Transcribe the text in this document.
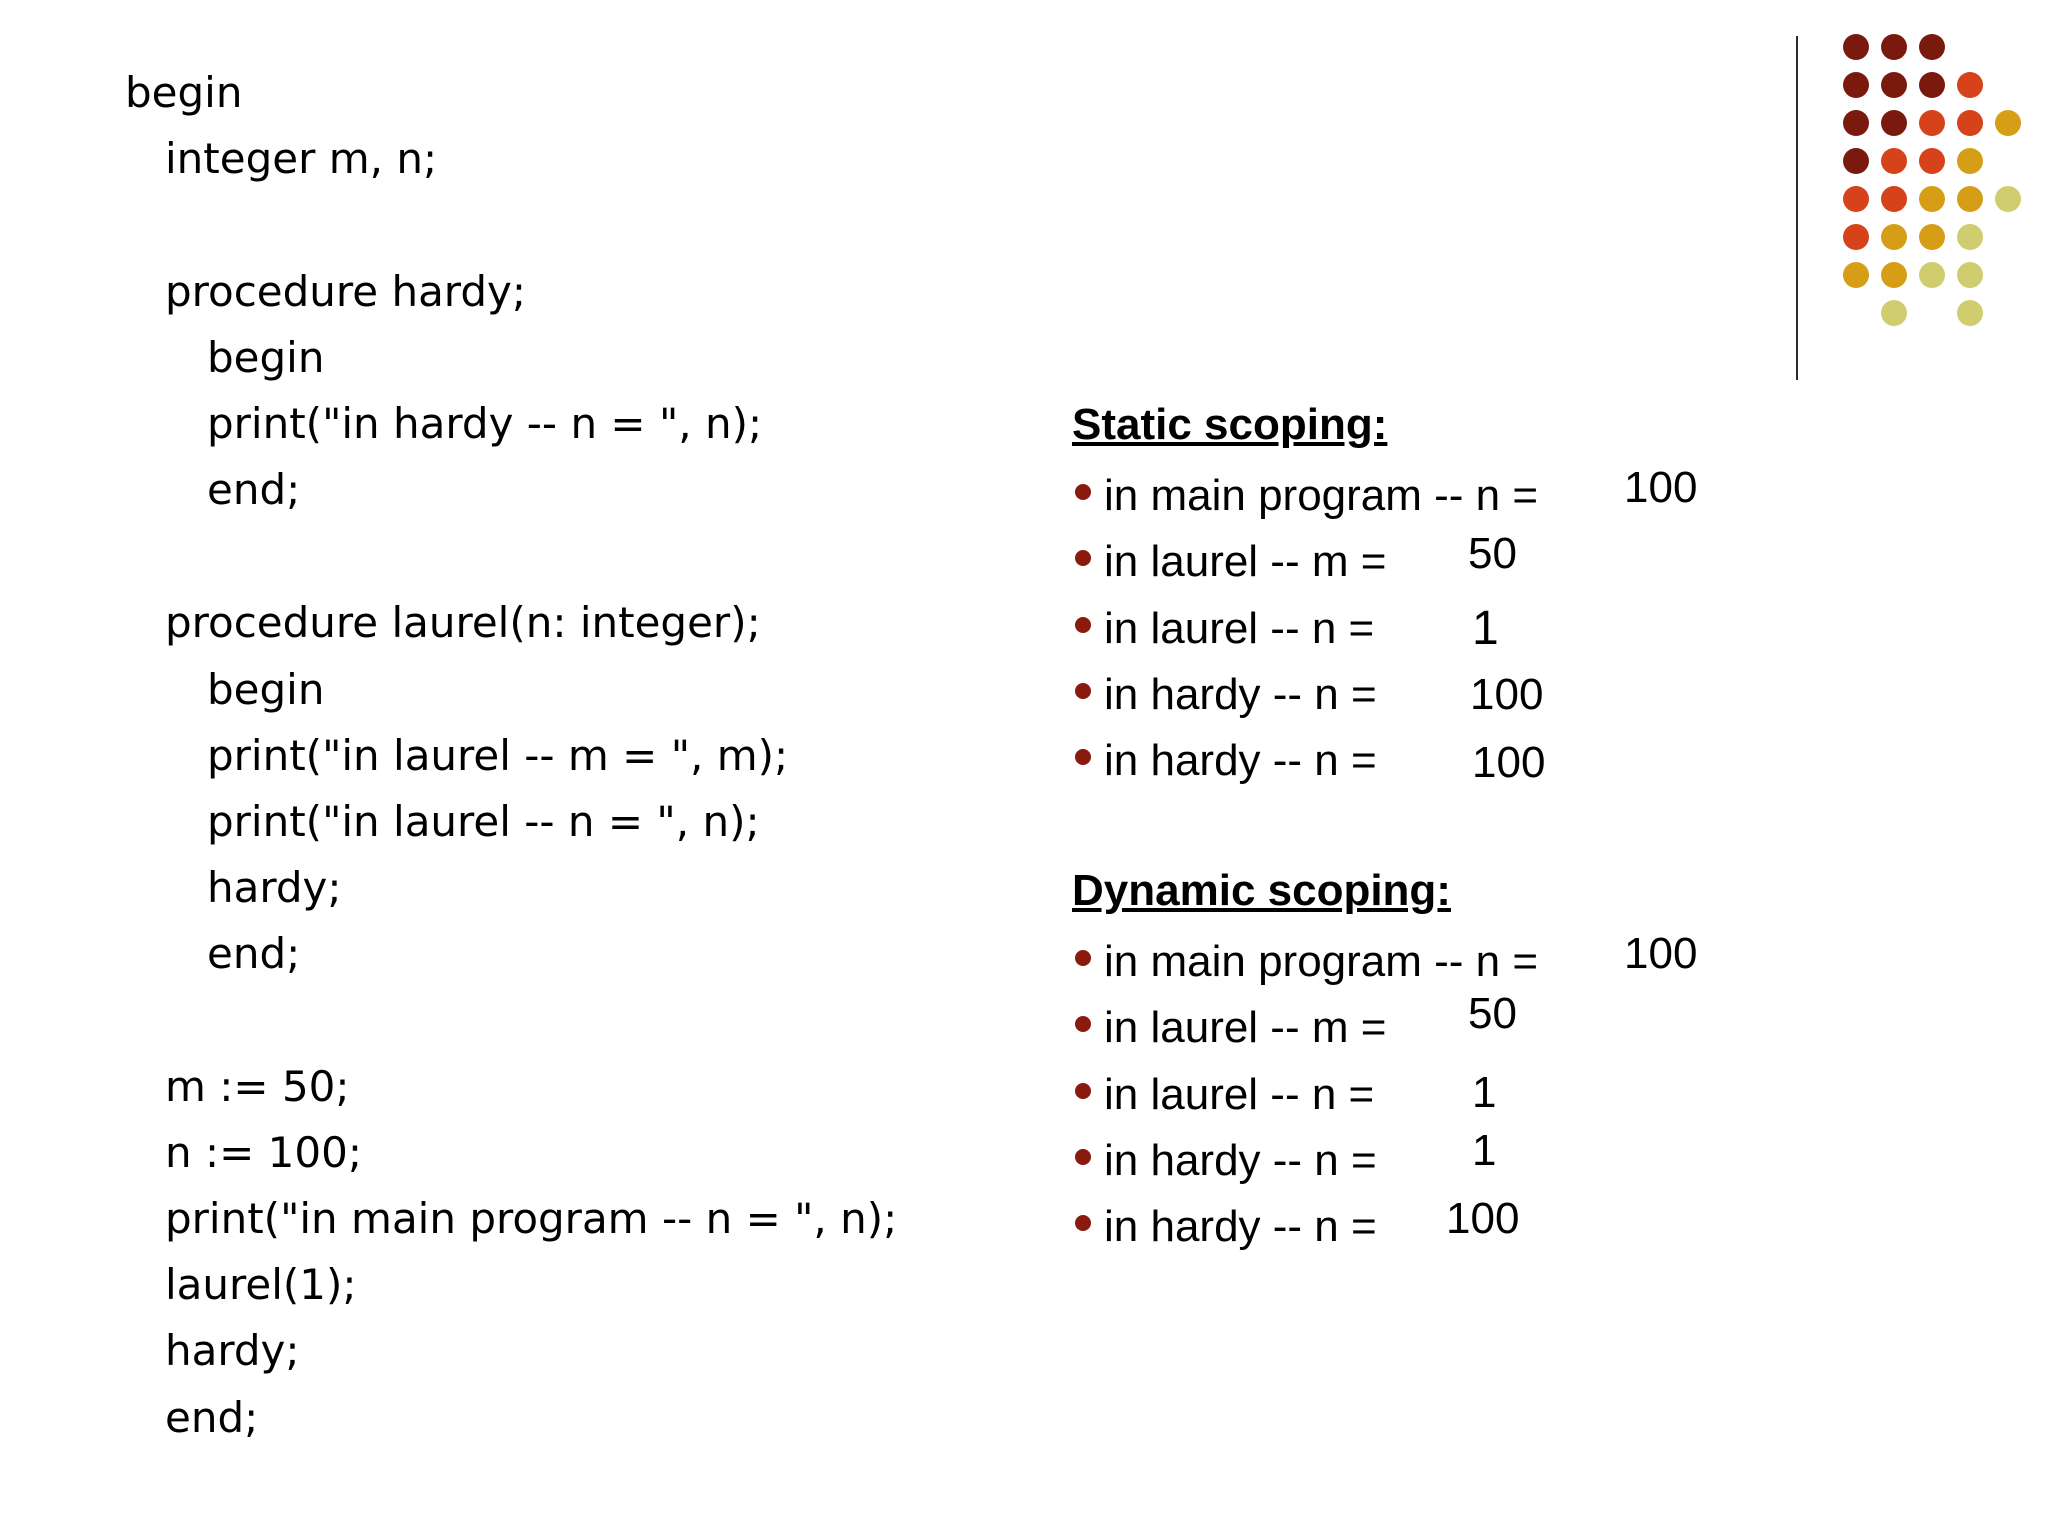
begin
integer m, n;
procedure hardy;
begin
print("in hardy -- n = ", n);
end;
procedure laurel(n: integer);
begin
print("in laurel -- m = ", m);
print("in laurel -- n = ", n);
hardy;
end;
m := 50;
n := 100;
print("in main program -- n = ", n);
laurel(1);
hardy;
end;
Static scoping:
in main program -- n = 100
in laurel -- m = 50
in laurel -- n = 1
in hardy -- n = 100
in hardy -- n = 100
Dynamic scoping:
in main program -- n = 100
in laurel -- m = 50
in laurel -- n = 1
in hardy -- n = 1
in hardy -- n = 100
